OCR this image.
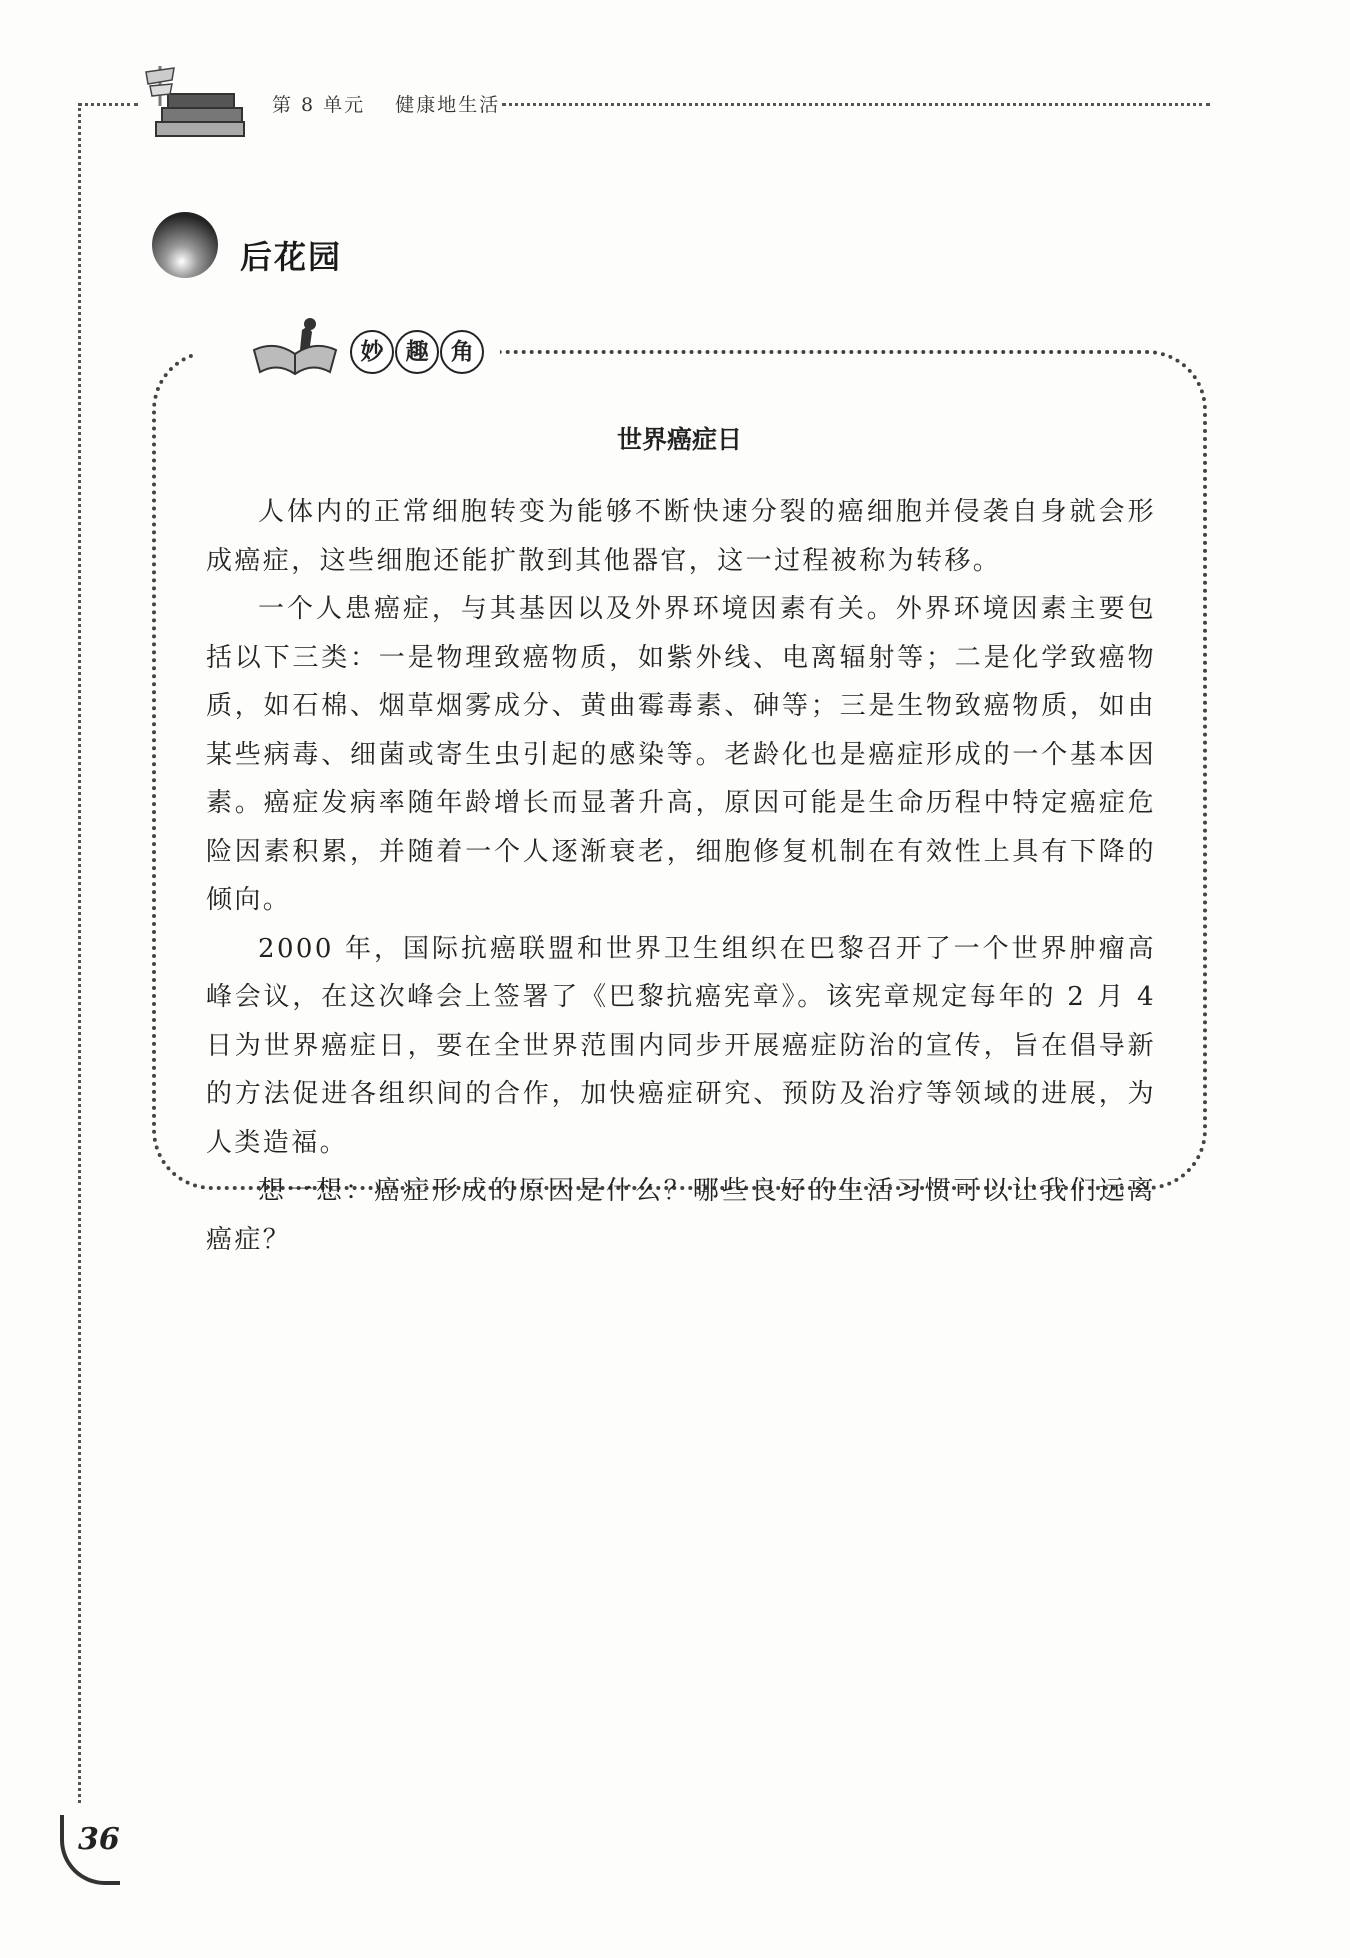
第 8 单元 健康地生活
后花园
妙 趣 角
世界癌症日

人体内的正常细胞转变为能够不断快速分裂的癌细胞并侵袭自身就会形成癌症，这些细胞还能扩散到其他器官，这一过程被称为转移。

一个人患癌症，与其基因以及外界环境因素有关。外界环境因素主要包括以下三类：一是物理致癌物质，如紫外线、电离辐射等；二是化学致癌物质，如石棉、烟草烟雾成分、黄曲霉毒素、砷等；三是生物致癌物质，如由某些病毒、细菌或寄生虫引起的感染等。老龄化也是癌症形成的一个基本因素。癌症发病率随年龄增长而显著升高，原因可能是生命历程中特定癌症危险因素积累，并随着一个人逐渐衰老，细胞修复机制在有效性上具有下降的倾向。

2000 年，国际抗癌联盟和世界卫生组织在巴黎召开了一个世界肿瘤高峰会议，在这次峰会上签署了《巴黎抗癌宪章》。该宪章规定每年的 2 月 4 日为世界癌症日，要在全世界范围内同步开展癌症防治的宣传，旨在倡导新的方法促进各组织间的合作，加快癌症研究、预防及治疗等领域的进展，为人类造福。

想一想：癌症形成的原因是什么？哪些良好的生活习惯可以让我们远离癌症？

36
